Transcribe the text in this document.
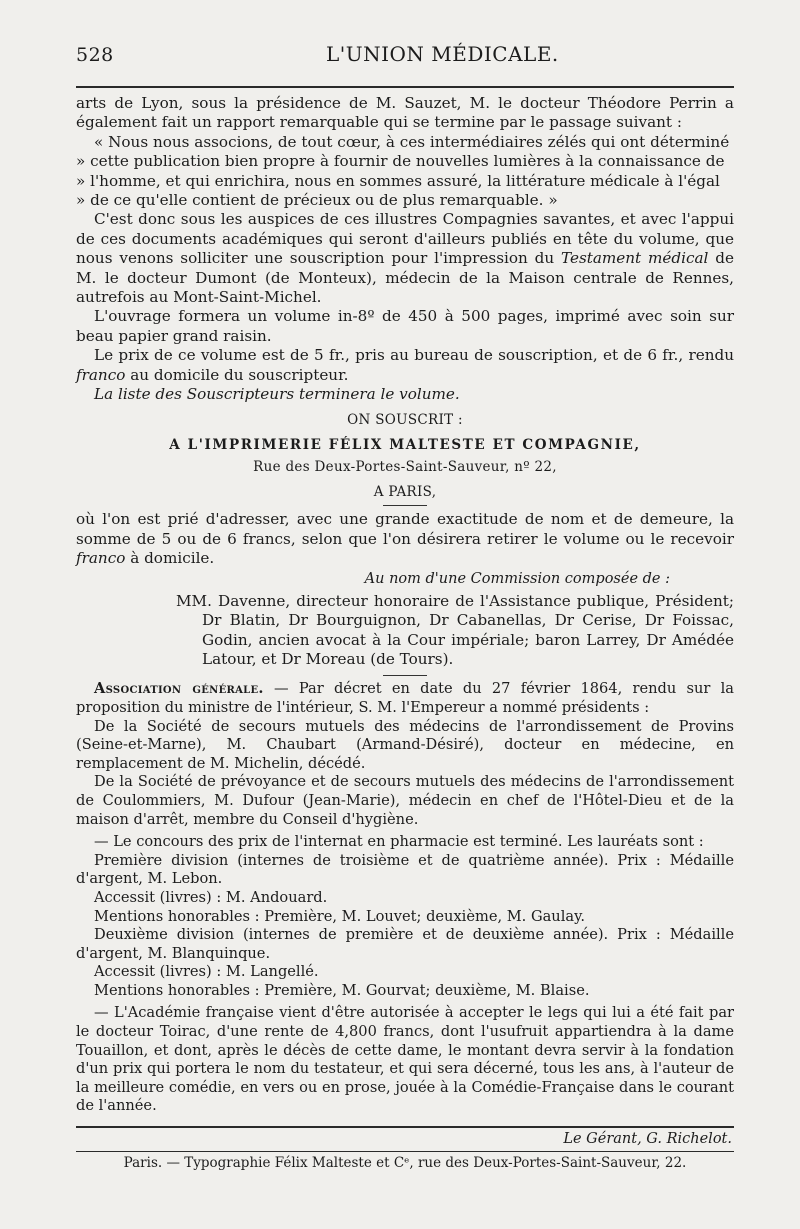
528	L'UNION MÉDICALE.

arts de Lyon, sous la présidence de M. Sauzet, M. le docteur Théodore Perrin a également fait un rapport remarquable qui se termine par le passage suivant :

« Nous nous associons, de tout cœur, à ces intermédiaires zélés qui ont déterminé

» cette publication bien propre à fournir de nouvelles lumières à la connaissance de

» l'homme, et qui enrichira, nous en sommes assuré, la littérature médicale à l'égal

» de ce qu'elle contient de précieux ou de plus remarquable. »

C'est donc sous les auspices de ces illustres Compagnies savantes, et avec l'appui de ces documents académiques qui seront d'ailleurs publiés en tête du volume, que nous venons solliciter une souscription pour l'impression du Testament médical de M. le docteur Dumont (de Monteux), médecin de la Maison centrale de Rennes, autrefois au Mont-Saint-Michel.

L'ouvrage formera un volume in-8º de 450 à 500 pages, imprimé avec soin sur beau papier grand raisin.

Le prix de ce volume est de 5 fr., pris au bureau de souscription, et de 6 fr., rendu franco au domicile du souscripteur.

La liste des Souscripteurs terminera le volume.

ON SOUSCRIT :

A L'IMPRIMERIE FÉLIX MALTESTE ET COMPAGNIE,

Rue des Deux-Portes-Saint-Sauveur, nº 22,

A PARIS,

où l'on est prié d'adresser, avec une grande exactitude de nom et de demeure, la somme de 5 ou de 6 francs, selon que l'on désirera retirer le volume ou le recevoir franco à domicile.

Au nom d'une Commission composée de :

MM. Davenne, directeur honoraire de l'Assistance publique, Président; Dr Blatin, Dr Bourguignon, Dr Cabanellas, Dr Cerise, Dr Foissac, Godin, ancien avocat à la Cour impériale; baron Larrey, Dr Amédée Latour, et Dr Moreau (de Tours).

Association générale. — Par décret en date du 27 février 1864, rendu sur la proposition du ministre de l'intérieur, S. M. l'Empereur a nommé présidents :

De la Société de secours mutuels des médecins de l'arrondissement de Provins (Seine-et-Marne), M. Chaubart (Armand-Désiré), docteur en médecine, en remplacement de M. Michelin, décédé.

De la Société de prévoyance et de secours mutuels des médecins de l'arrondissement de Coulommiers, M. Dufour (Jean-Marie), médecin en chef de l'Hôtel-Dieu et de la maison d'arrêt, membre du Conseil d'hygiène.

— Le concours des prix de l'internat en pharmacie est terminé. Les lauréats sont :

Première division (internes de troisième et de quatrième année). Prix : Médaille d'argent, M. Lebon.

Accessit (livres) : M. Andouard.

Mentions honorables : Première, M. Louvet; deuxième, M. Gaulay.

Deuxième division (internes de première et de deuxième année). Prix : Médaille d'argent, M. Blanquinque.

Accessit (livres) : M. Langellé.

Mentions honorables : Première, M. Gourvat; deuxième, M. Blaise.

— L'Académie française vient d'être autorisée à accepter le legs qui lui a été fait par le docteur Toirac, d'une rente de 4,800 francs, dont l'usufruit appartiendra à la dame Touaillon, et dont, après le décès de cette dame, le montant devra servir à la fondation d'un prix qui portera le nom du testateur, et qui sera décerné, tous les ans, à l'auteur de la meilleure comédie, en vers ou en prose, jouée à la Comédie-Française dans le courant de l'année.

Le Gérant, G. Richelot.

Paris. — Typographie Félix Malteste et Cᵉ, rue des Deux-Portes-Saint-Sauveur, 22.
